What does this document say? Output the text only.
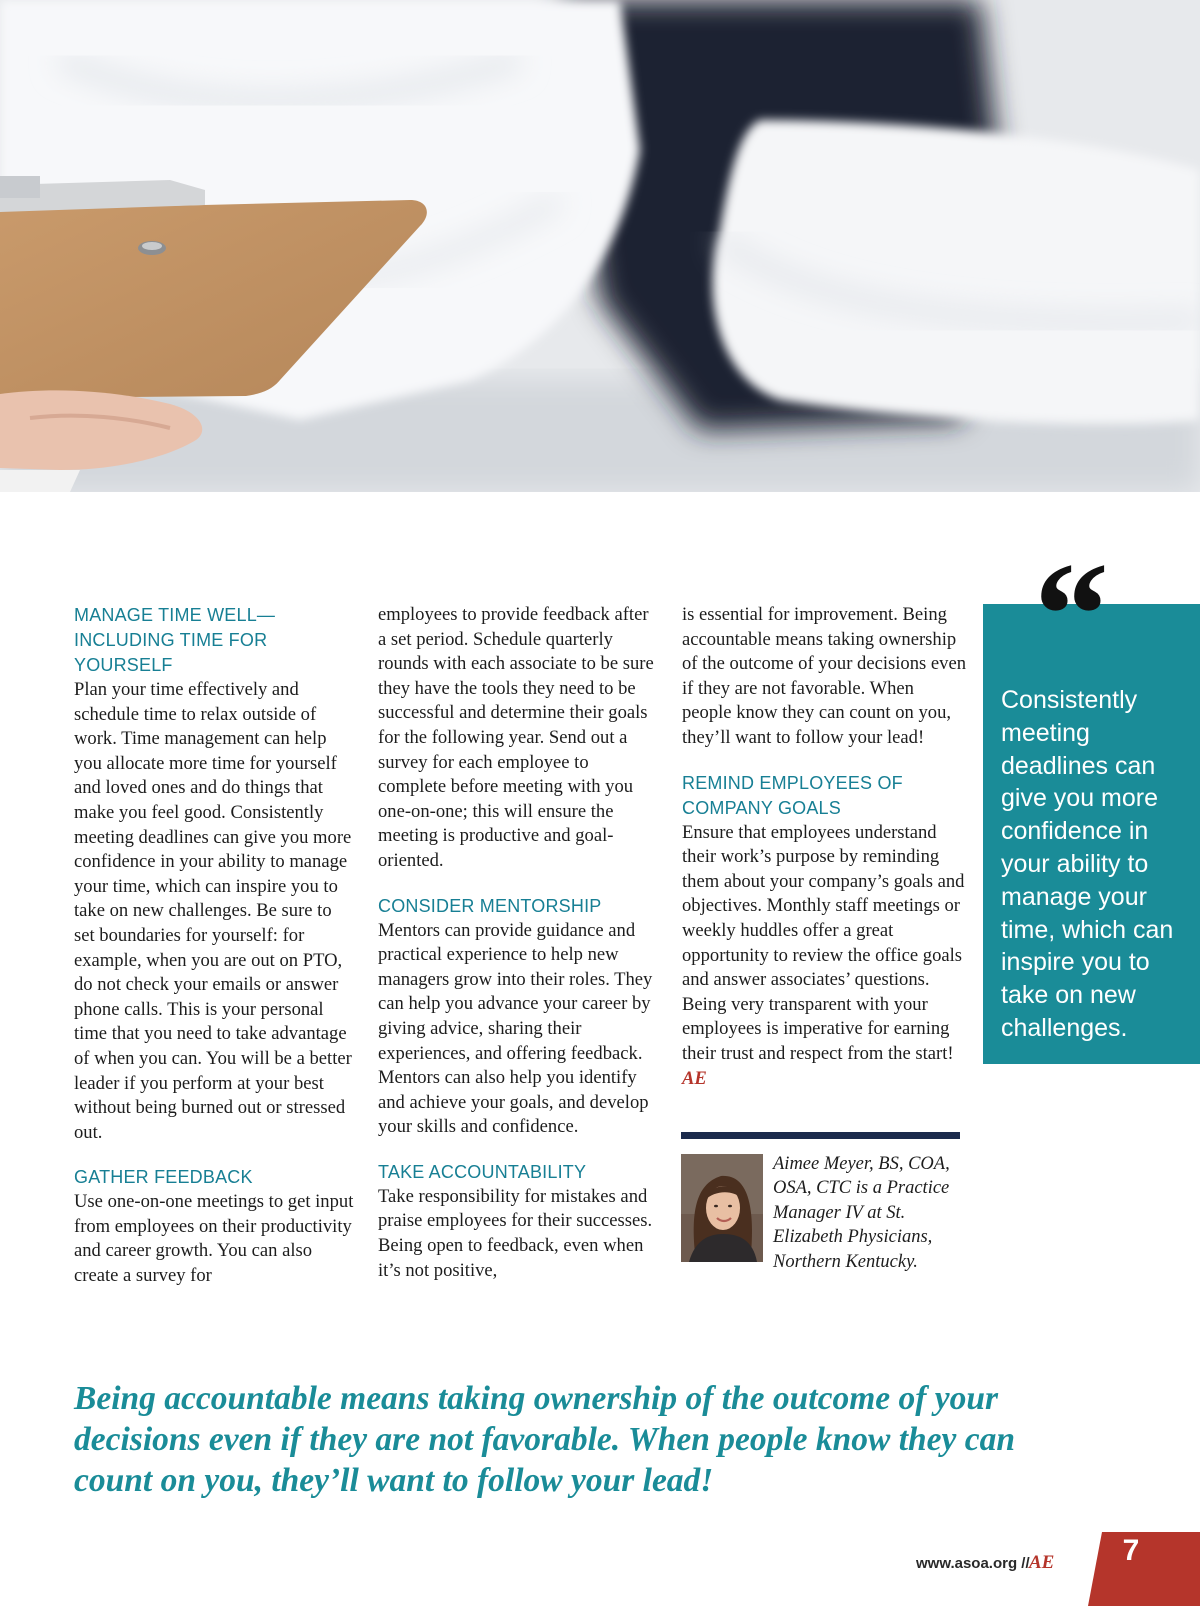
MANAGE TIME WELL—
INCLUDING TIME FOR YOURSELF

Plan your time effectively and schedule time to relax outside of work. Time management can help you allocate more time for yourself and loved ones and do things that make you feel good. Consistently meeting deadlines can give you more confidence in your ability to manage your time, which can inspire you to take on new challenges. Be sure to set boundaries for yourself: for example, when you are out on PTO, do not check your emails or answer phone calls. This is your personal time that you need to take advantage of when you can. You will be a better leader if you perform at your best without being burned out or stressed out.

GATHER FEEDBACK

Use one-on-one meetings to get input from employees on their productivity and career growth. You can also create a survey for

employees to provide feedback after a set period. Schedule quarterly rounds with each associate to be sure they have the tools they need to be successful and determine their goals for the following year. Send out a survey for each employee to complete before meeting with you one-on-one; this will ensure the meeting is productive and goal-oriented.

CONSIDER MENTORSHIP

Mentors can provide guidance and practical experience to help new managers grow into their roles. They can help you advance your career by giving advice, sharing their experiences, and offering feedback. Mentors can also help you identify and achieve your goals, and develop your skills and confidence.

TAKE ACCOUNTABILITY

Take responsibility for mistakes and praise employees for their successes. Being open to feedback, even when it’s not positive,

is essential for improvement. Being accountable means taking ownership of the outcome of your decisions even if they are not favorable. When people know they can count on you, they’ll want to follow your lead!

REMIND EMPLOYEES OF
COMPANY GOALS

Ensure that employees understand their work’s purpose by reminding them about your company’s goals and objectives. Monthly staff meetings or weekly huddles offer a great opportunity to review the office goals and answer associates’ questions. Being very transparent with your employees is imperative for earning their trust and respect from the start! AE

Aimee Meyer, BS, COA, OSA, CTC is a Practice Manager IV at St. Elizabeth Physicians, Northern Kentucky.
“
Consistently meeting deadlines can give you more confidence in your ability to manage your time, which can inspire you to take on new challenges.
Being accountable means taking ownership of the outcome of your decisions even if they are not favorable. When people know they can count on you, they’ll want to follow your lead!
www.asoa.org // AE 7
